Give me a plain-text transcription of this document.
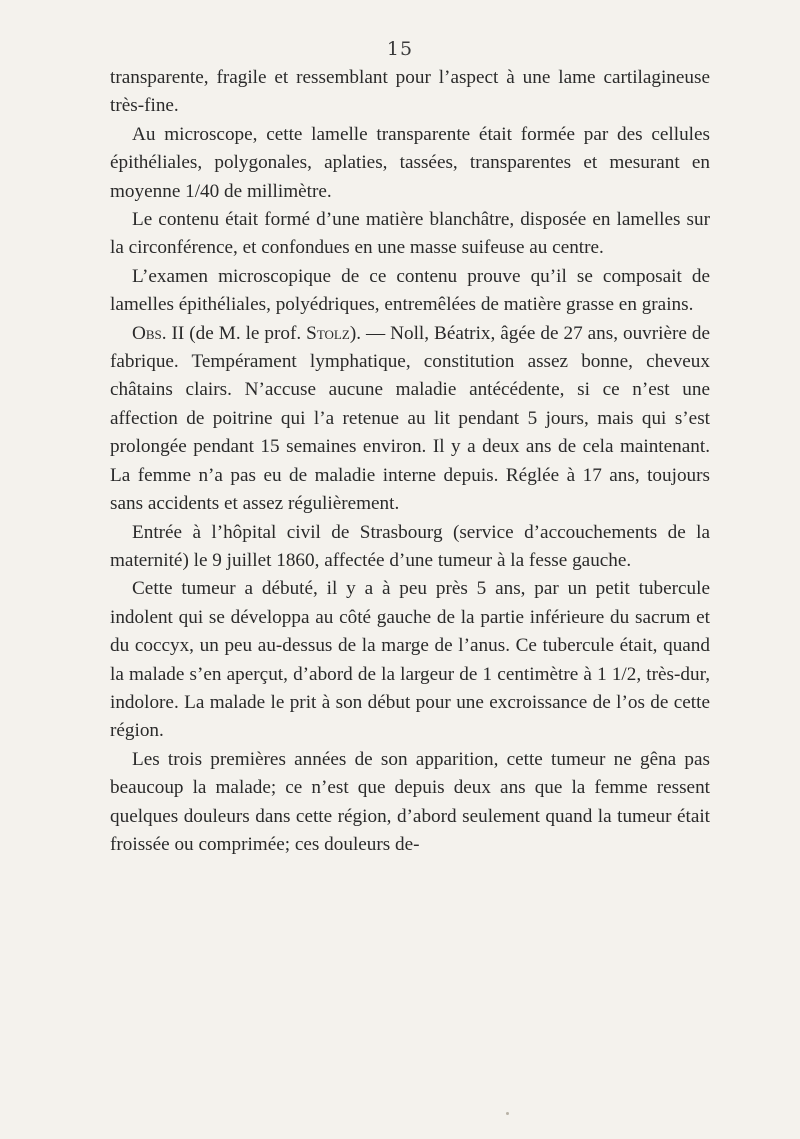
15

transparente, fragile et ressemblant pour l’aspect à une lame cartilagineuse très-fine.

Au microscope, cette lamelle transparente était formée par des cellules épithéliales, polygonales, aplaties, tassées, transparentes et mesurant en moyenne 1/40 de millimètre.

Le contenu était formé d’une matière blanchâtre, disposée en lamelles sur la circonférence, et confondues en une masse suifeuse au centre.

L’examen microscopique de ce contenu prouve qu’il se composait de lamelles épithéliales, polyédriques, entremêlées de matière grasse en grains.

Obs. II (de M. le prof. Stolz). — Noll, Béatrix, âgée de 27 ans, ouvrière de fabrique. Tempérament lymphatique, constitution assez bonne, cheveux châtains clairs. N’accuse aucune maladie antécédente, si ce n’est une affection de poitrine qui l’a retenue au lit pendant 5 jours, mais qui s’est prolongée pendant 15 semaines environ. Il y a deux ans de cela maintenant. La femme n’a pas eu de maladie interne depuis. Réglée à 17 ans, toujours sans accidents et assez régulièrement.

Entrée à l’hôpital civil de Strasbourg (service d’accouchements de la maternité) le 9 juillet 1860, affectée d’une tumeur à la fesse gauche.

Cette tumeur a débuté, il y a à peu près 5 ans, par un petit tubercule indolent qui se développa au côté gauche de la partie inférieure du sacrum et du coccyx, un peu au-dessus de la marge de l’anus. Ce tubercule était, quand la malade s’en aperçut, d’abord de la largeur de 1 centimètre à 1 1/2, très-dur, indolore. La malade le prit à son début pour une excroissance de l’os de cette région.

Les trois premières années de son apparition, cette tumeur ne gêna pas beaucoup la malade; ce n’est que depuis deux ans que la femme ressent quelques douleurs dans cette région, d’abord seulement quand la tumeur était froissée ou comprimée; ces douleurs de-
